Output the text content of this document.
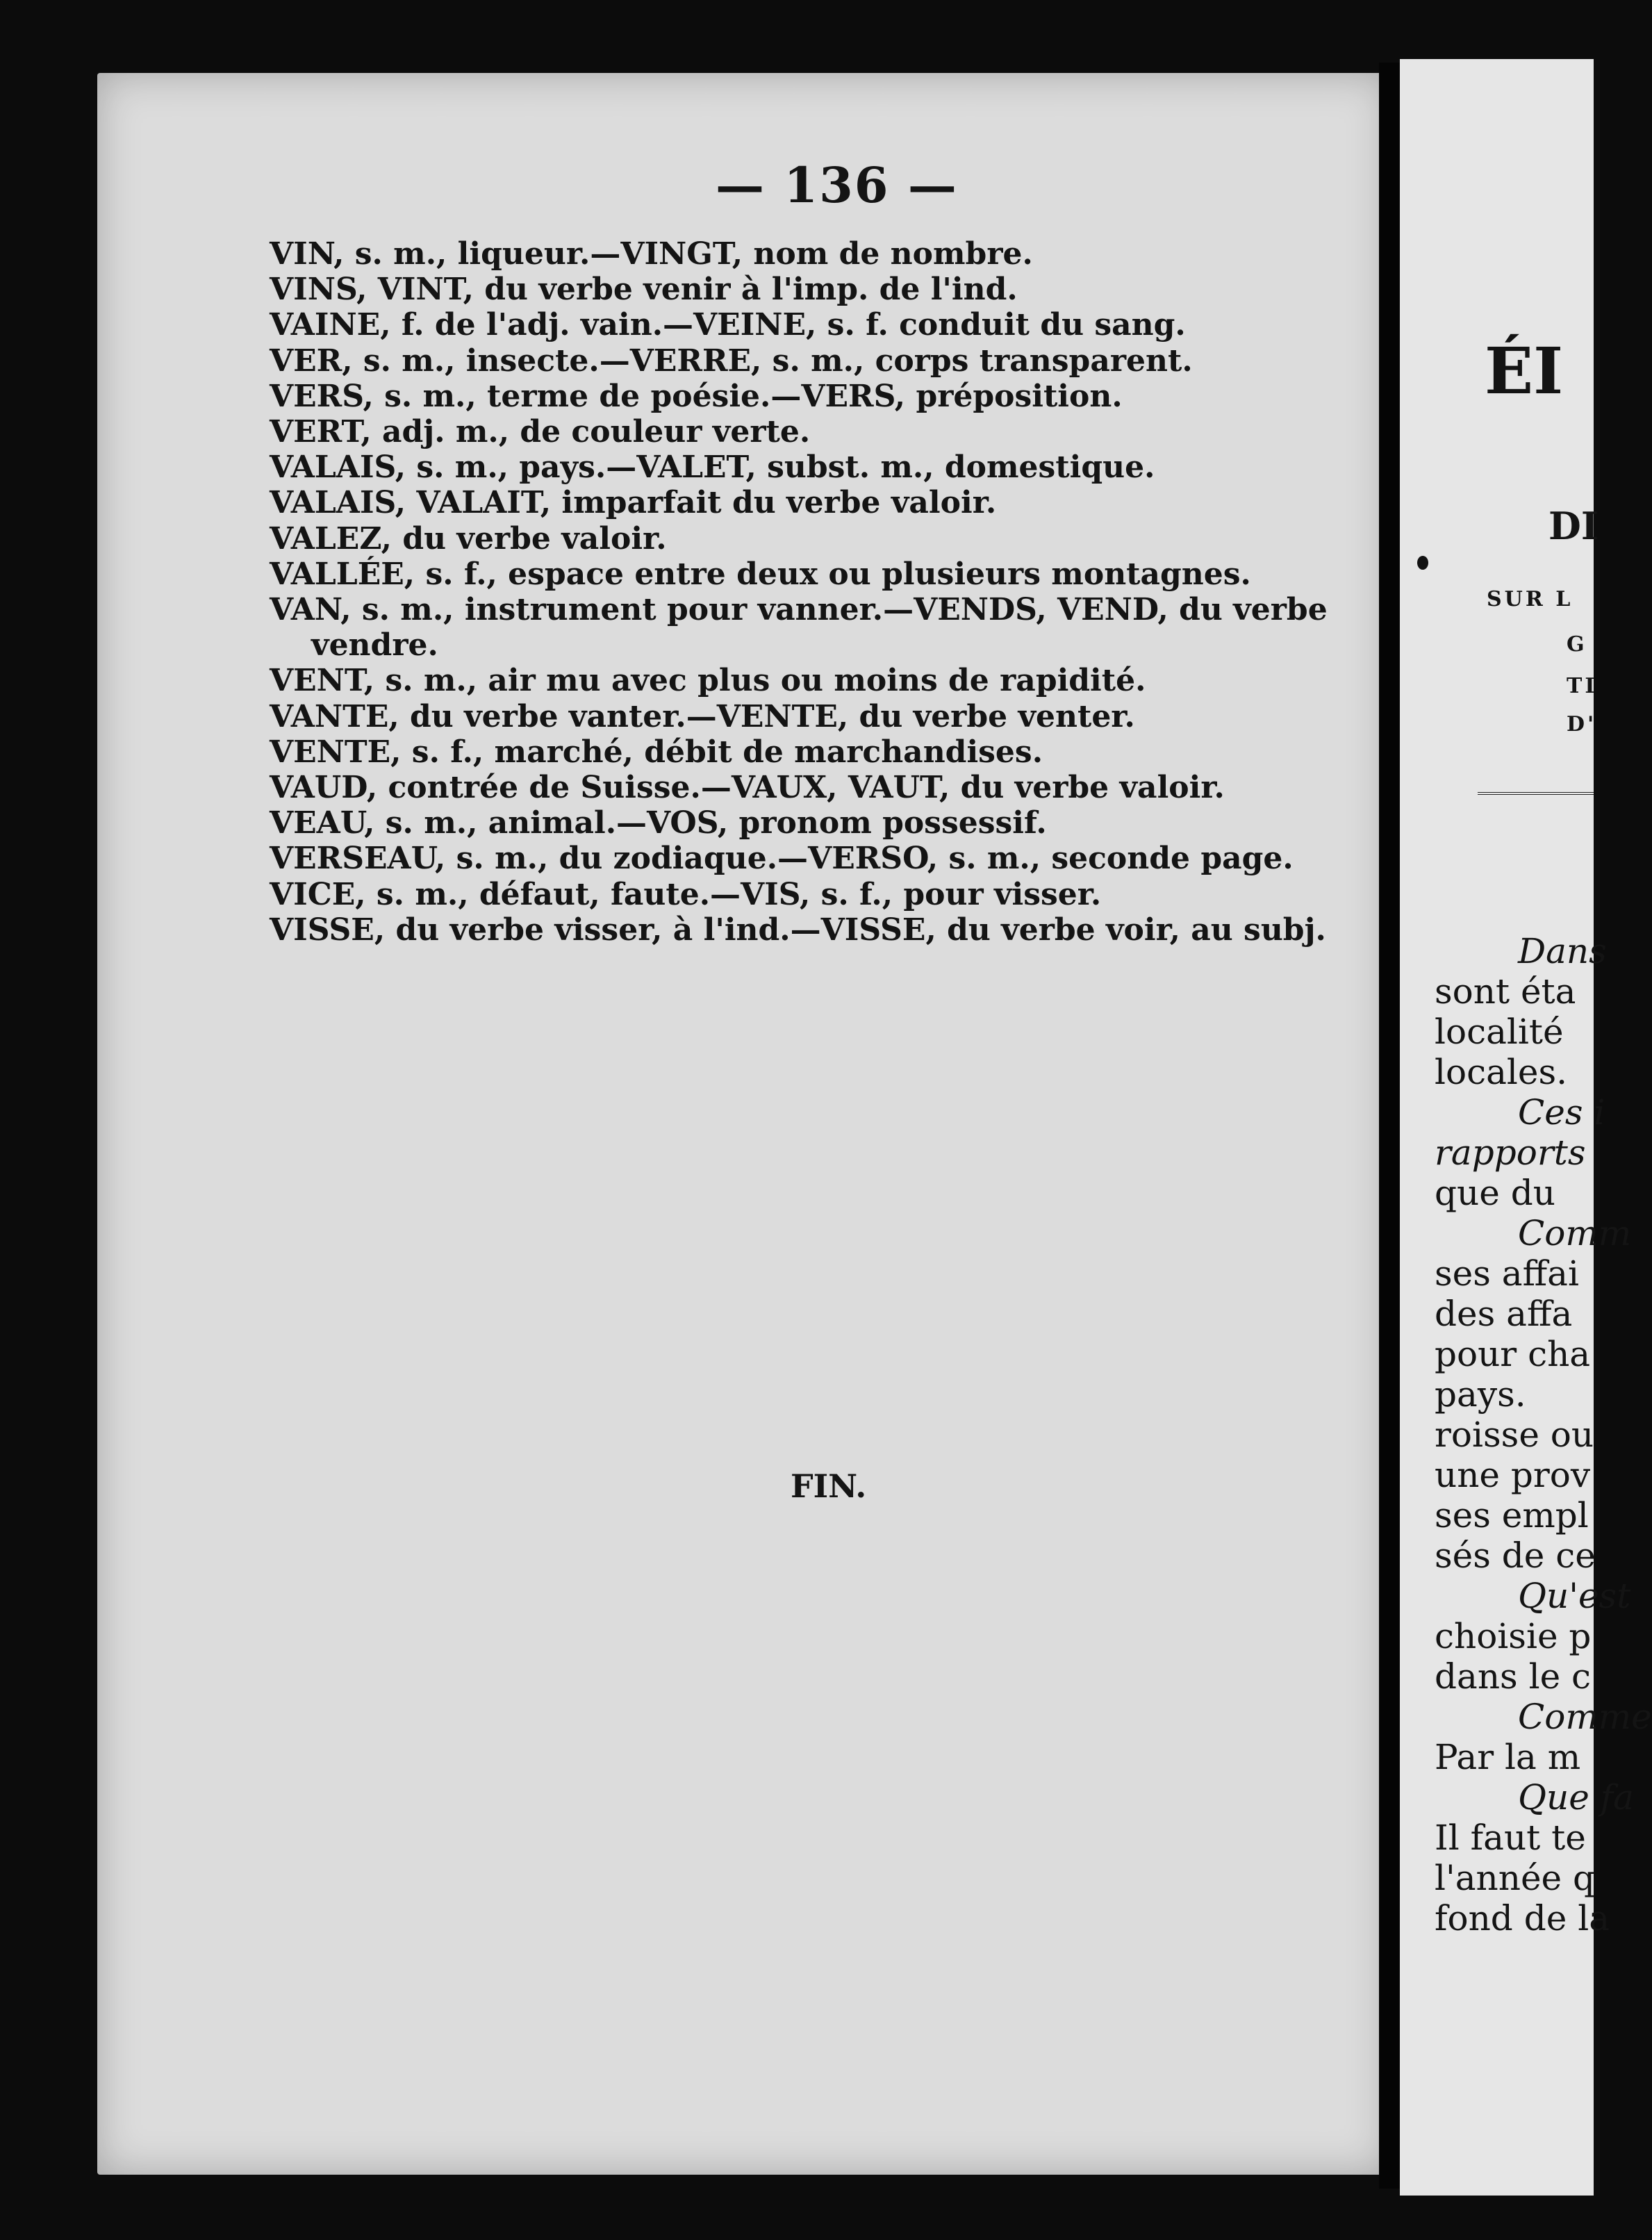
— 136 —
VIN, s. m., liqueur.—VINGT, nom de nombre.
VINS, VINT, du verbe venir à l'imp. de l'ind.
VAINE, f. de l'adj. vain.—VEINE, s. f. conduit du sang.
VER, s. m., insecte.—VERRE, s. m., corps transparent.
VERS, s. m., terme de poésie.—VERS, préposition.
VERT, adj. m., de couleur verte.
VALAIS, s. m., pays.—VALET, subst. m., domestique.
VALAIS, VALAIT, imparfait du verbe valoir.
VALEZ, du verbe valoir.
VALLÉE, s. f., espace entre deux ou plusieurs montagnes.
VAN, s. m., instrument pour vanner.—VENDS, VEND, du verbe
vendre.
VENT, s. m., air mu avec plus ou moins de rapidité.
VANTE, du verbe vanter.—VENTE, du verbe venter.
VENTE, s. f., marché, débit de marchandises.
VAUD, contrée de Suisse.—VAUX, VAUT, du verbe valoir.
VEAU, s. m., animal.—VOS, pronom possessif.
VERSEAU, s. m., du zodiaque.—VERSO, s. m., seconde page.
VICE, s. m., défaut, faute.—VIS, s. f., pour visser.
VISSE, du verbe visser, à l'ind.—VISSE, du verbe voir, au subj.
FIN.
ÉI
DI
SUR L
G
TI
D'
Dans
sont éta
localité
locales.
Ces i
rapports
que du
Comm
ses affai
des affa
pour cha
pays.
roisse ou
une prov
ses empl
sés de ce
Qu'est
choisie p
dans le c
Comme
Par la m
Que fa
Il faut te
l'année q
fond de la
